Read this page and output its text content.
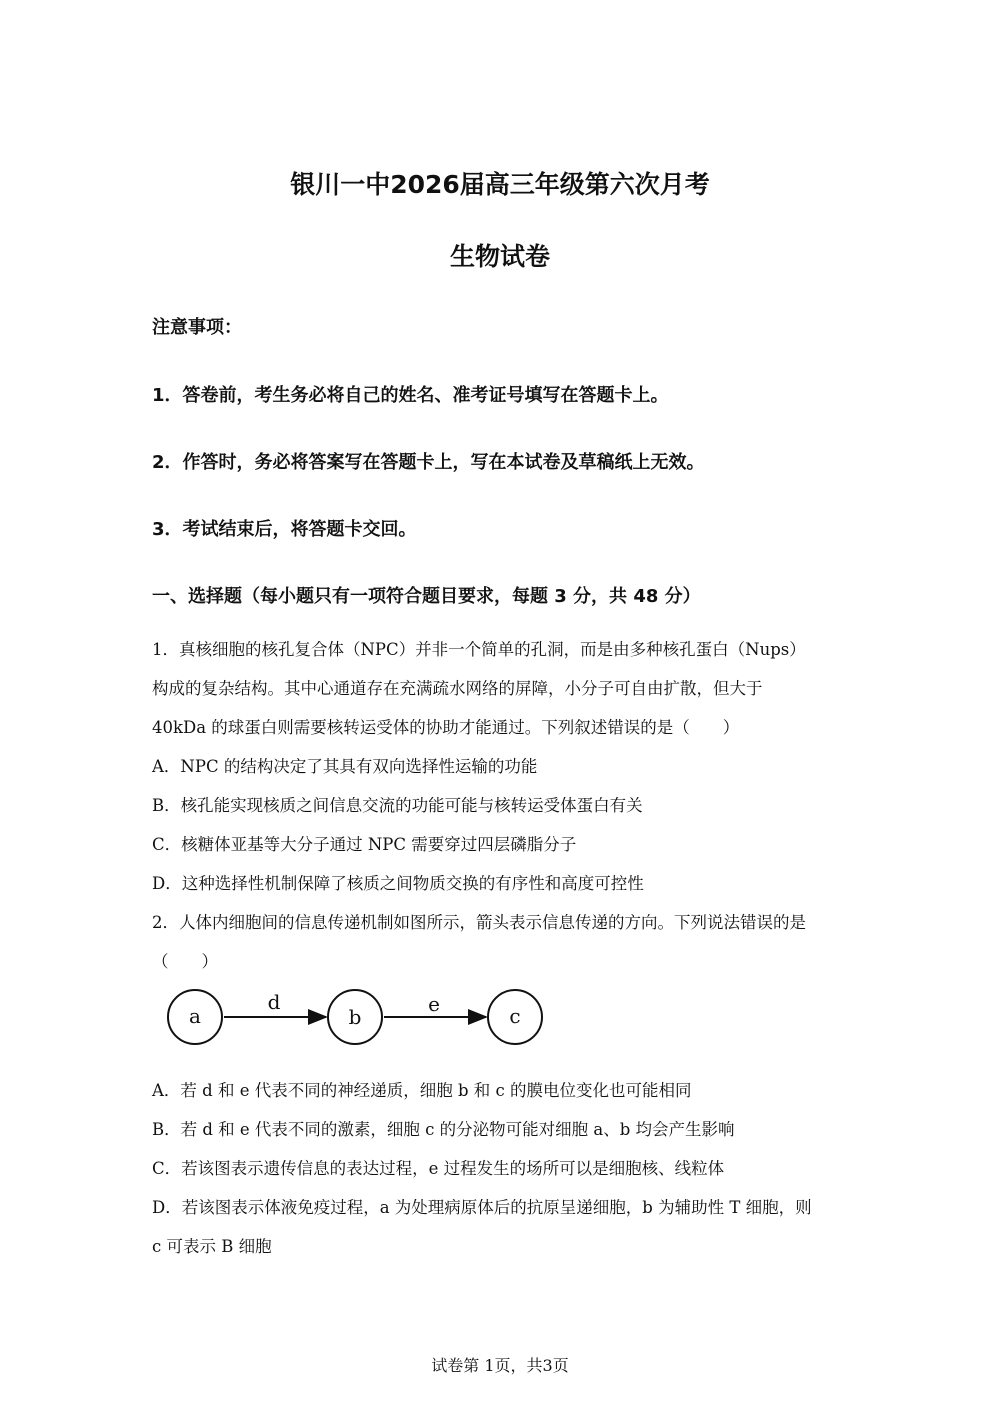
银川一中2026届高三年级第六次月考
生物试卷
注意事项：
1．答卷前，考生务必将自己的姓名、准考证号填写在答题卡上。
2．作答时，务必将答案写在答题卡上，写在本试卷及草稿纸上无效。
3．考试结束后，将答题卡交回。
一、选择题（每小题只有一项符合题目要求，每题 3 分，共 48 分）
1．真核细胞的核孔复合体（NPC）并非一个简单的孔洞，而是由多种核孔蛋白（Nups）
构成的复杂结构。其中心通道存在充满疏水网络的屏障，小分子可自由扩散，但大于
40kDa 的球蛋白则需要核转运受体的协助才能通过。下列叙述错误的是（　　）
A．NPC 的结构决定了其具有双向选择性运输的功能
B．核孔能实现核质之间信息交流的功能可能与核转运受体蛋白有关
C．核糖体亚基等大分子通过 NPC 需要穿过四层磷脂分子
D．这种选择性机制保障了核质之间物质交换的有序性和高度可控性
2．人体内细胞间的信息传递机制如图所示，箭头表示信息传递的方向。下列说法错误的是
（　　）
a
d
b
e	c
A．若 d 和 e 代表不同的神经递质，细胞 b 和 c 的膜电位变化也可能相同
B．若 d 和 e 代表不同的激素，细胞 c 的分泌物可能对细胞 a、b 均会产生影响
C．若该图表示遗传信息的表达过程，e 过程发生的场所可以是细胞核、线粒体
D．若该图表示体液免疫过程，a 为处理病原体后的抗原呈递细胞，b 为辅助性 T 细胞，则
c 可表示 B 细胞
试卷第 1页，共3页
